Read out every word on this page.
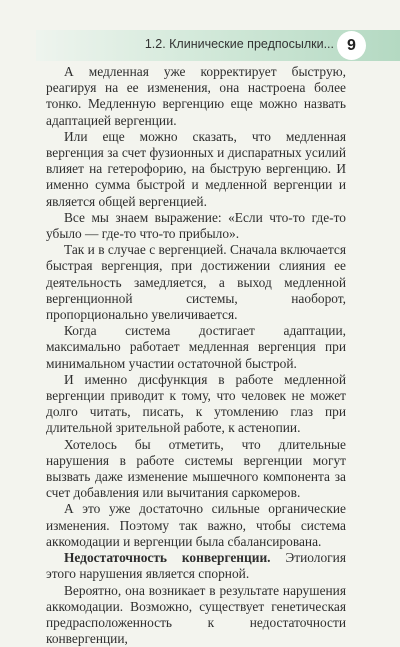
1.2. Клинические предпосылки... 9

А медленная уже корректирует быструю, реагируя на ее изменения, она настроена более тонко. Медленную вергенцию еще можно назвать адаптацией вергенции.

Или еще можно сказать, что медленная вергенция за счет фузионных и диспаратных усилий влияет на гетерофорию, на быструю вергенцию. И именно сумма быстрой и медленной вергенции и является общей вергенцией.

Все мы знаем выражение: «Если что-то где-то убыло — где-то что-то прибыло».

Так и в случае с вергенцией. Сначала включается быстрая вергенция, при достижении слияния ее деятельность замедляется, а выход медленной вергенционной системы, наоборот, пропорционально увеличивается.

Когда система достигает адаптации, максимально работает медленная вергенция при минимальном участии остаточной быстрой.

И именно дисфункция в работе медленной вергенции приводит к тому, что человек не может долго читать, писать, к утомлению глаз при длительной зрительной работе, к астенопии.

Хотелось бы отметить, что длительные нарушения в работе системы вергенции могут вызвать даже изменение мышечного компонента за счет добавления или вычитания саркомеров.

А это уже достаточно сильные органические изменения. Поэтому так важно, чтобы система аккомодации и вергенции была сбалансирована.

Недостаточность конвергенции. Этиология этого нарушения является спорной.

Вероятно, она возникает в результате нарушения аккомодации. Возможно, существует генетическая предрасположенность к недостаточности конвергенции,
